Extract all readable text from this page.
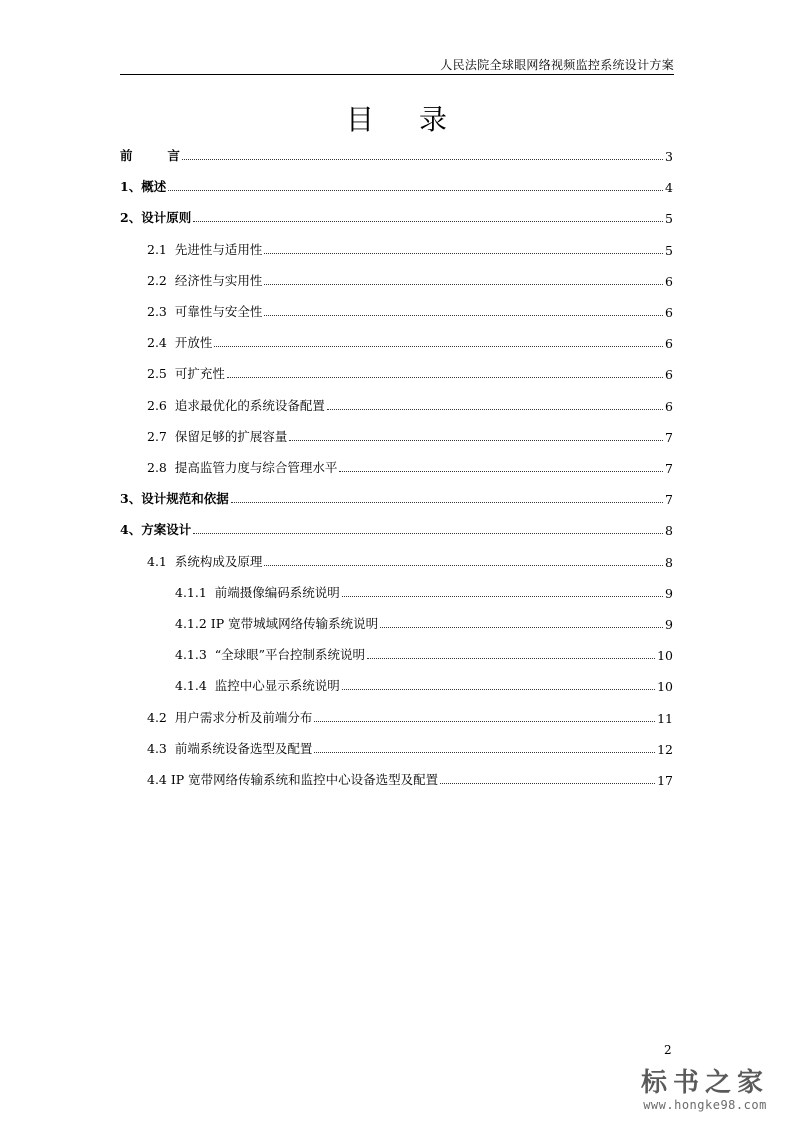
人民法院全球眼网络视频监控系统设计方案
目 录
前        言	3
1、概述	4
2、设计原则	5
2.1  先进性与适用性	5
2.2  经济性与实用性	6
2.3  可靠性与安全性	6
2.4  开放性	6
2.5  可扩充性	6
2.6  追求最优化的系统设备配置	6
2.7  保留足够的扩展容量	7
2.8  提高监管力度与综合管理水平	7
3、设计规范和依据	7
4、方案设计	8
4.1  系统构成及原理	8
4.1.1  前端摄像编码系统说明	9
4.1.2 IP 宽带城域网络传输系统说明	9
4.1.3  “全球眼”平台控制系统说明	10
4.1.4  监控中心显示系统说明	10
4.2  用户需求分析及前端分布	11
4.3  前端系统设备选型及配置	12
4.4 IP 宽带网络传输系统和监控中心设备选型及配置	17
2
标书之家
www.hongke98.com
